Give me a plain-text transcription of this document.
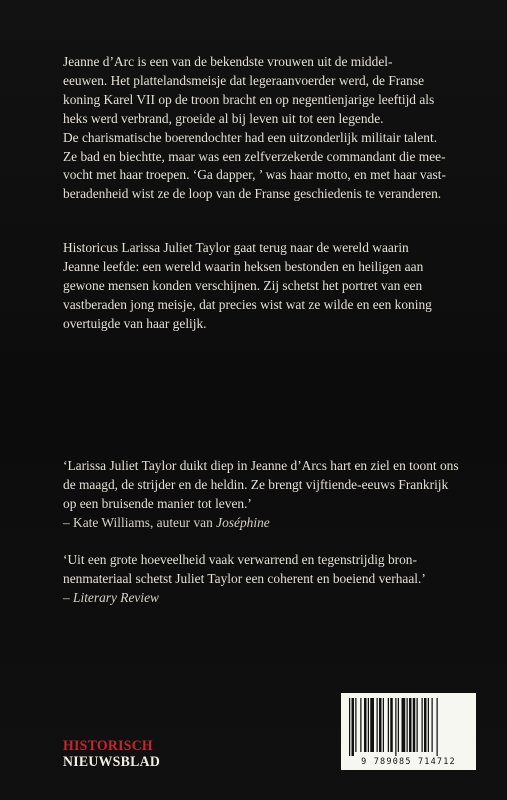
Jeanne d’Arc is een van de bekendste vrouwen uit de middel-

eeuwen. Het plattelandsmeisje dat legeraanvoerder werd, de Franse

koning Karel VII op de troon bracht en op negentienjarige leeftijd als

heks werd verbrand, groeide al bij leven uit tot een legende.

De charismatische boerendochter had een uitzonderlijk militair talent.

Ze bad en biechtte, maar was een zelfverzekerde commandant die mee-

vocht met haar troepen. ‘Ga dapper, ’ was haar motto, en met haar vast-

beradenheid wist ze de loop van de Franse geschiedenis te veranderen.

Historicus Larissa Juliet Taylor gaat terug naar de wereld waarin

Jeanne leefde: een wereld waarin heksen bestonden en heiligen aan

gewone mensen konden verschijnen. Zij schetst het portret van een

vastberaden jong meisje, dat precies wist wat ze wilde en een koning

overtuigde van haar gelijk.

‘Larissa Juliet Taylor duikt diep in Jeanne d’Arcs hart en ziel en toont ons

de maagd, de strijder en de heldin. Ze brengt vijftiende-eeuws Frankrijk

op een bruisende manier tot leven.’

– Kate Williams, auteur van Joséphine

‘Uit een grote hoeveelheid vaak verwarrend en tegenstrijdig bron-

nenmateriaal schetst Juliet Taylor een coherent en boeiend verhaal.’

– Literary Review

HISTORISCH
NIEUWSBLAD	9 789085 714712
